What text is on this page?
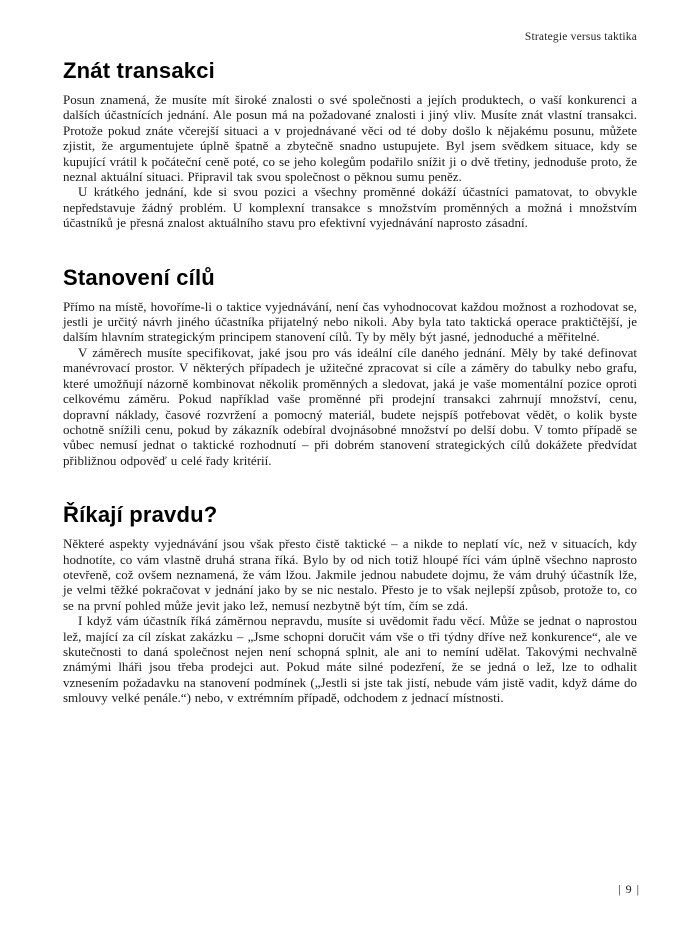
Strategie versus taktika
Znát transakci

Posun znamená, že musíte mít široké znalosti o své společnosti a jejích produktech, o vaší konkurenci a dalších účastnících jednání. Ale posun má na požadované znalosti i jiný vliv. Musíte znát vlastní transakci. Protože pokud znáte včerejší situaci a v projednávané věci od té doby došlo k nějakému posunu, můžete zjistit, že argumentujete úplně špatně a zbytečně snadno ustupujete. Byl jsem svědkem situace, kdy se kupující vrátil k počáteční ceně poté, co se jeho kolegům podařilo snížit ji o dvě třetiny, jednoduše proto, že neznal aktuální situaci. Připravil tak svou společnost o pěknou sumu peněz.

U krátkého jednání, kde si svou pozici a všechny proměnné dokáží účastníci pamatovat, to obvykle nepředstavuje žádný problém. U komplexní transakce s množstvím proměnných a možná i množstvím účastníků je přesná znalost aktuálního stavu pro efektivní vyjednávání naprosto zásadní.

Stanovení cílů

Přímo na místě, hovoříme-li o taktice vyjednávání, není čas vyhodnocovat každou možnost a rozhodovat se, jestli je určitý návrh jiného účastníka přijatelný nebo nikoli. Aby byla tato taktická operace praktičtější, je dalším hlavním strategickým principem stanovení cílů. Ty by měly být jasné, jednoduché a měřitelné.

V záměrech musíte specifikovat, jaké jsou pro vás ideální cíle daného jednání. Měly by také definovat manévrovací prostor. V některých případech je užitečné zpracovat si cíle a záměry do tabulky nebo grafu, které umožňují názorně kombinovat několik proměnných a sledovat, jaká je vaše momentální pozice oproti celkovému záměru. Pokud například vaše proměnné při prodejní transakci zahrnují množství, cenu, dopravní náklady, časové rozvržení a pomocný materiál, budete nejspíš potřebovat vědět, o kolik byste ochotně snížili cenu, pokud by zákazník odebíral dvojnásobné množství po delší dobu. V tomto případě se vůbec nemusí jednat o taktické rozhodnutí – při dobrém stanovení strategických cílů dokážete předvídat přibližnou odpověď u celé řady kritérií.

Říkají pravdu?

Některé aspekty vyjednávání jsou však přesto čistě taktické – a nikde to neplatí víc, než v situacích, kdy hodnotíte, co vám vlastně druhá strana říká. Bylo by od nich totiž hloupé říci vám úplně všechno naprosto otevřeně, což ovšem neznamená, že vám lžou. Jakmile jednou nabudete dojmu, že vám druhý účastník lže, je velmi těžké pokračovat v jednání jako by se nic nestalo. Přesto je to však nejlepší způsob, protože to, co se na první pohled může jevit jako lež, nemusí nezbytně být tím, čím se zdá.

I když vám účastník říká záměrnou nepravdu, musíte si uvědomit řadu věcí. Může se jednat o naprostou lež, mající za cíl získat zakázku – „Jsme schopni doručit vám vše o tři týdny dříve než konkurence“, ale ve skutečnosti to daná společnost nejen není schopná splnit, ale ani to nemíní udělat. Takovými nechvalně známými lháři jsou třeba prodejci aut. Pokud máte silné podezření, že se jedná o lež, lze to odhalit vznesením požadavku na stanovení podmínek („Jestli si jste tak jistí, nebude vám jistě vadit, když dáme do smlouvy velké penále.“) nebo, v extrémním případě, odchodem z jednací místnosti.

| 9 |
